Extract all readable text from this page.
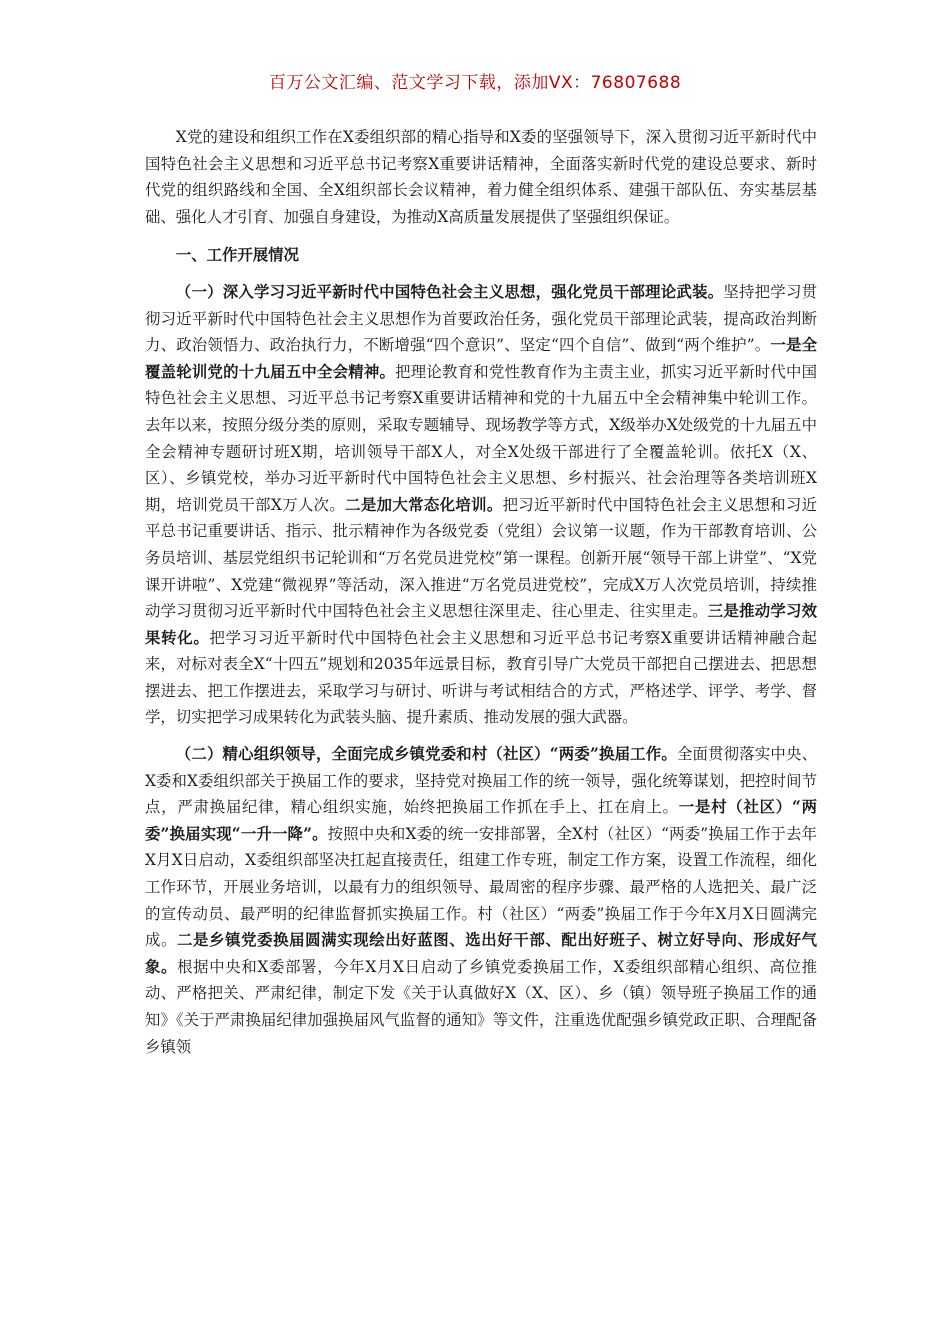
百万公文汇编、范文学习下载，添加VX：76807688

X党的建设和组织工作在X委组织部的精心指导和X委的坚强领导下，深入贯彻习近平新时代中国特色社会主义思想和习近平总书记考察X重要讲话精神，全面落实新时代党的建设总要求、新时代党的组织路线和全国、全X组织部长会议精神，着力健全组织体系、建强干部队伍、夯实基层基础、强化人才引育、加强自身建设，为推动X高质量发展提供了坚强组织保证。

一、工作开展情况

（一）深入学习习近平新时代中国特色社会主义思想，强化党员干部理论武装。坚持把学习贯彻习近平新时代中国特色社会主义思想作为首要政治任务，强化党员干部理论武装，提高政治判断力、政治领悟力、政治执行力，不断增强“四个意识”、坚定“四个自信”、做到“两个维护”。一是全覆盖轮训党的十九届五中全会精神。把理论教育和党性教育作为主责主业，抓实习近平新时代中国特色社会主义思想、习近平总书记考察X重要讲话精神和党的十九届五中全会精神集中轮训工作。去年以来，按照分级分类的原则，采取专题辅导、现场教学等方式，X级举办X处级党的十九届五中全会精神专题研讨班X期，培训领导干部X人，对全X处级干部进行了全覆盖轮训。依托X（X、区）、乡镇党校，举办习近平新时代中国特色社会主义思想、乡村振兴、社会治理等各类培训班X期，培训党员干部X万人次。二是加大常态化培训。把习近平新时代中国特色社会主义思想和习近平总书记重要讲话、指示、批示精神作为各级党委（党组）会议第一议题，作为干部教育培训、公务员培训、基层党组织书记轮训和“万名党员进党校”第一课程。创新开展“领导干部上讲堂”、“X党课开讲啦”、X党建“微视界”等活动，深入推进“万名党员进党校”，完成X万人次党员培训，持续推动学习贯彻习近平新时代中国特色社会主义思想往深里走、往心里走、往实里走。三是推动学习效果转化。把学习习近平新时代中国特色社会主义思想和习近平总书记考察X重要讲话精神融合起来，对标对表全X“十四五”规划和2035年远景目标，教育引导广大党员干部把自己摆进去、把思想摆进去、把工作摆进去，采取学习与研讨、听讲与考试相结合的方式，严格述学、评学、考学、督学，切实把学习成果转化为武装头脑、提升素质、推动发展的强大武器。

（二）精心组织领导，全面完成乡镇党委和村（社区）“两委”换届工作。全面贯彻落实中央、X委和X委组织部关于换届工作的要求，坚持党对换届工作的统一领导，强化统筹谋划，把控时间节点，严肃换届纪律，精心组织实施，始终把换届工作抓在手上、扛在肩上。一是村（社区）“两委”换届实现“一升一降”。按照中央和X委的统一安排部署，全X村（社区）“两委”换届工作于去年X月X日启动，X委组织部坚决扛起直接责任，组建工作专班，制定工作方案，设置工作流程，细化工作环节，开展业务培训，以最有力的组织领导、最周密的程序步骤、最严格的人选把关、最广泛的宣传动员、最严明的纪律监督抓实换届工作。村（社区）“两委”换届工作于今年X月X日圆满完成。二是乡镇党委换届圆满实现绘出好蓝图、选出好干部、配出好班子、树立好导向、形成好气象。根据中央和X委部署，今年X月X日启动了乡镇党委换届工作，X委组织部精心组织、高位推动、严格把关、严肃纪律，制定下发《关于认真做好X（X、区）、乡（镇）领导班子换届工作的通知》《关于严肃换届纪律加强换届风气监督的通知》等文件，注重选优配强乡镇党政正职、合理配备乡镇领
